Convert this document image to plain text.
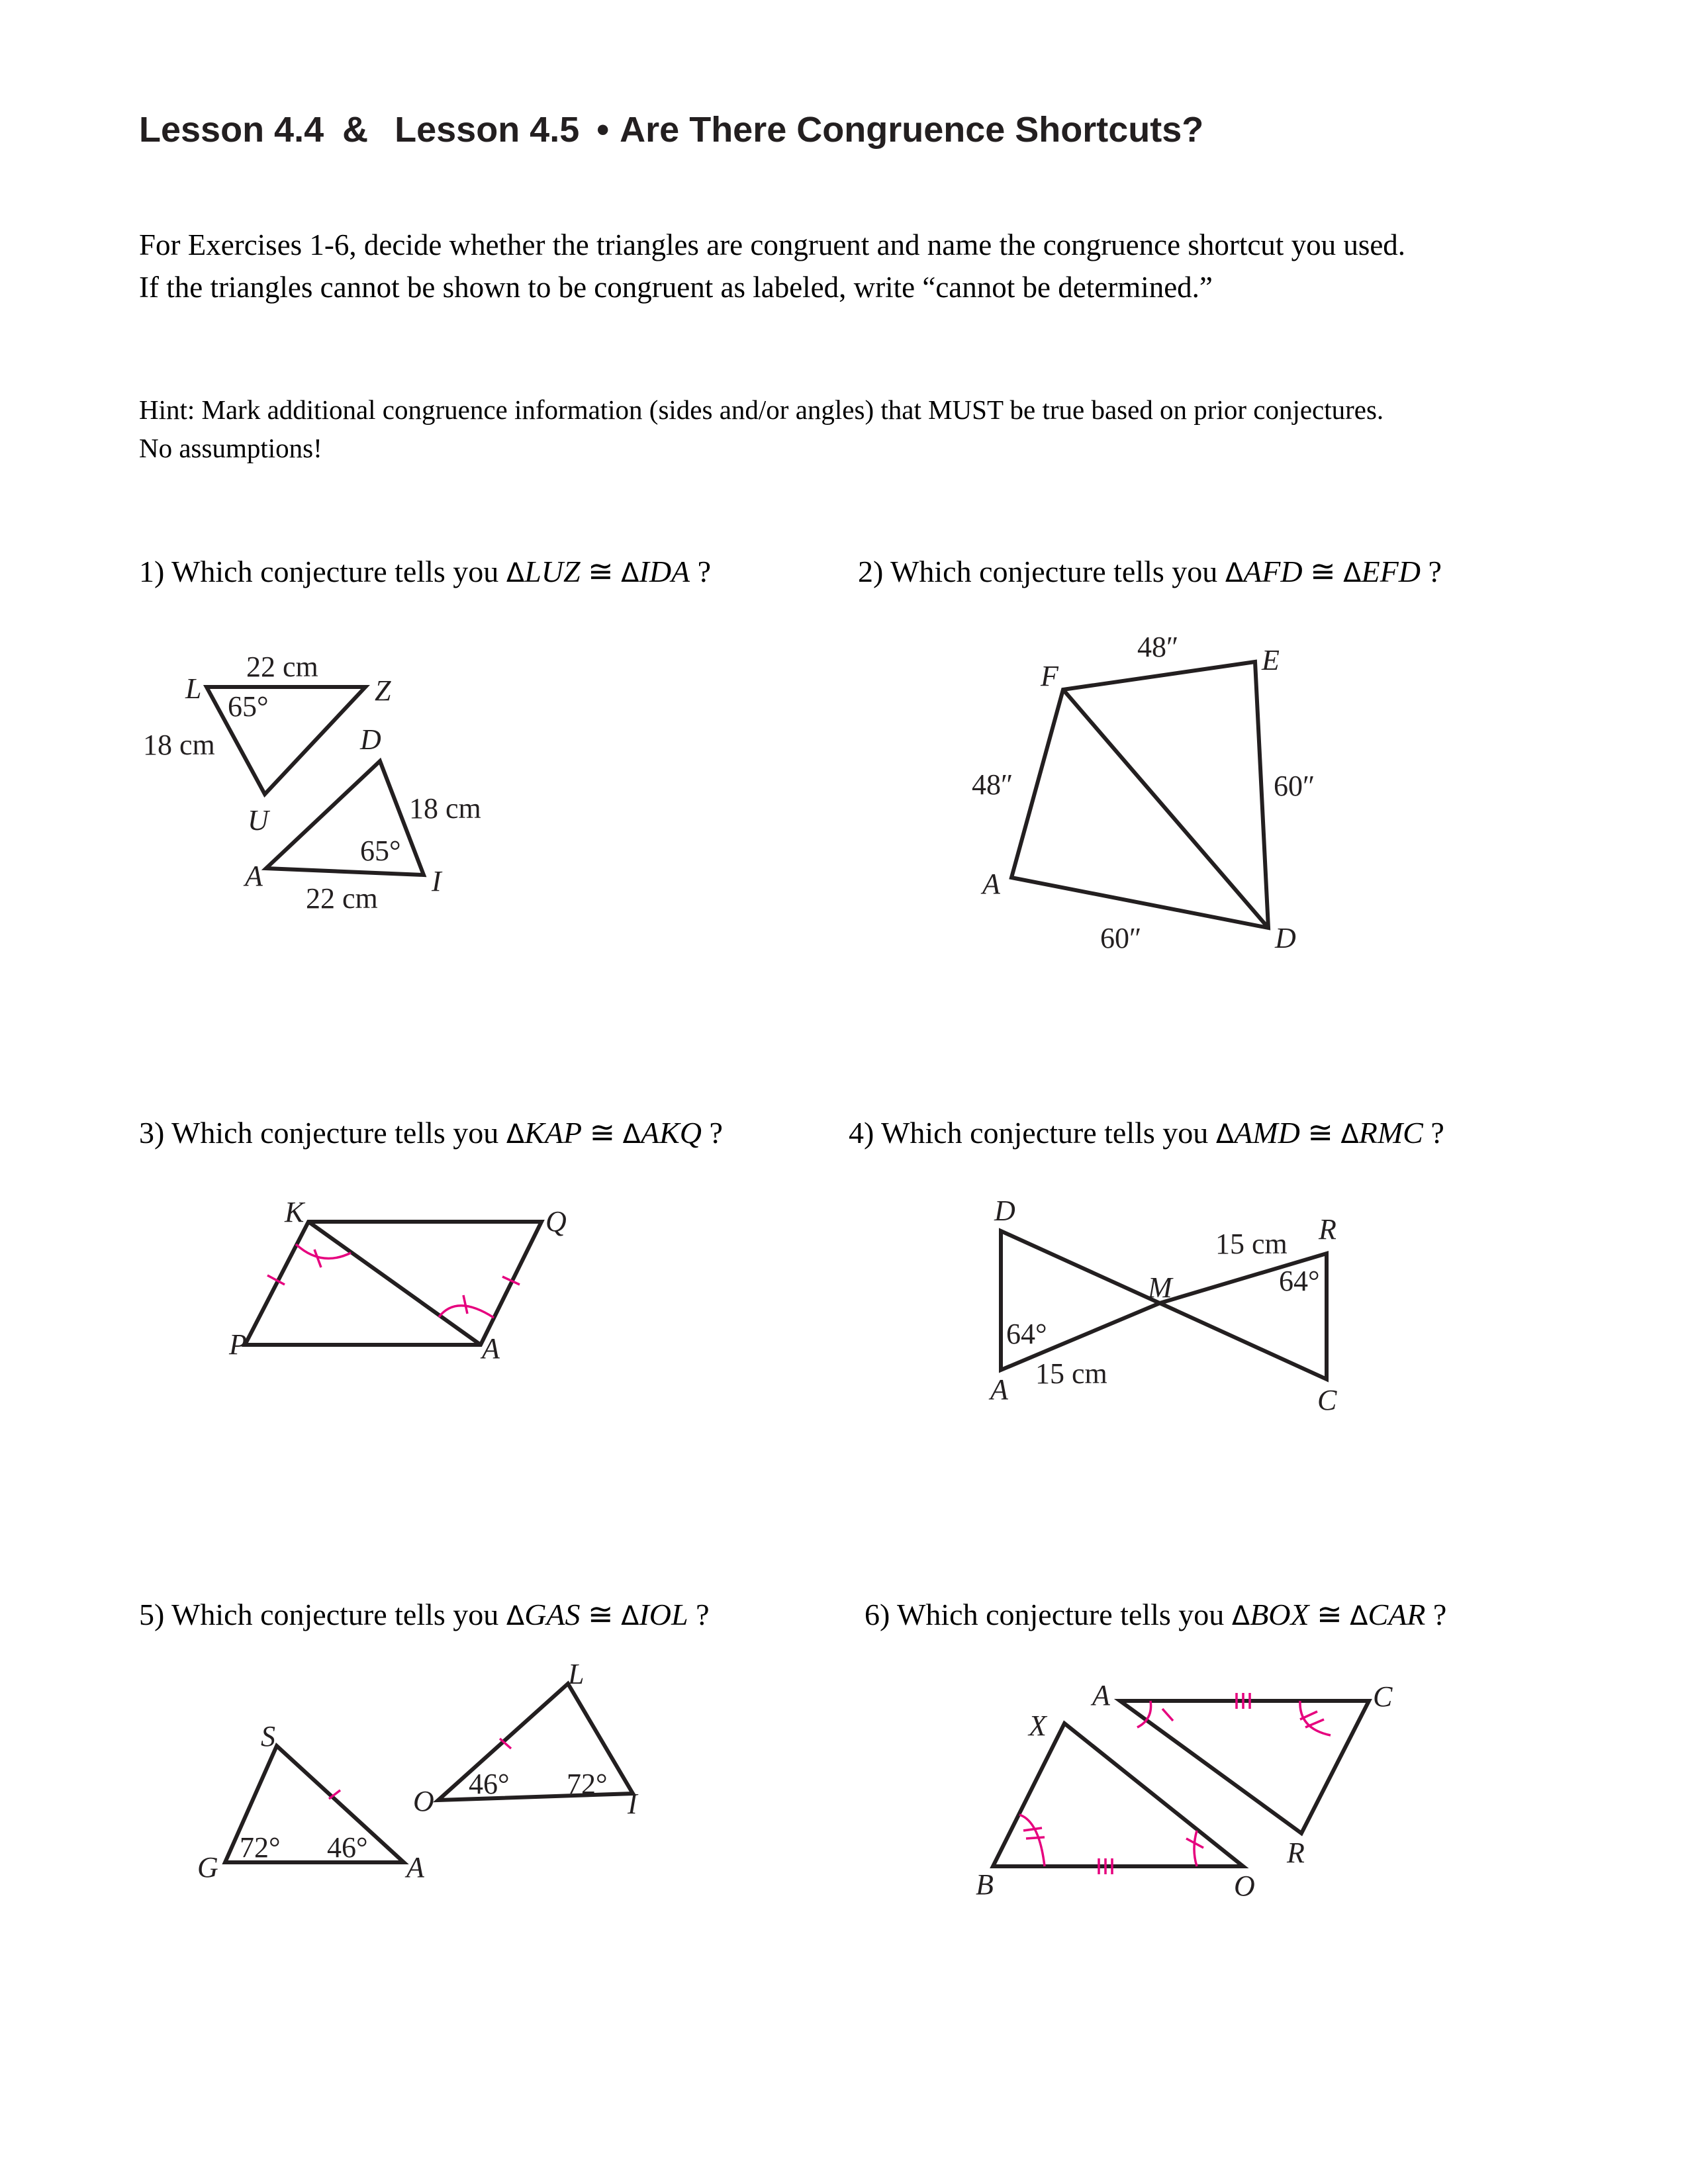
Lesson 4.4 & Lesson 4.5 • Are There Congruence Shortcuts?
For Exercises 1-6, decide whether the triangles are congruent and name the congruence shortcut you used.
If the triangles cannot be shown to be congruent as labeled, write “cannot be determined.”
Hint: Mark additional congruence information (sides and/or angles) that MUST be true based on prior conjectures.
No assumptions!
1) Which conjecture tells you ΔLUZ ≅ ΔIDA ?	2) Which conjecture tells you ΔAFD ≅ ΔEFD ?
3) Which conjecture tells you ΔKAP ≅ ΔAKQ ?	4) Which conjecture tells you ΔAMD ≅ ΔRMC ?
5) Which conjecture tells you ΔGAS ≅ ΔIOL ?	6) Which conjecture tells you ΔBOX ≅ ΔCAR ?
L	Z
U
D
A	I
22 cm
65°
18 cm
18 cm
65°
22 cm
F	E
A
D
48″
48″	60″
60″
K	Q
P	A
D
R
M
A	C
15 cm
64°
64°
15 cm
L
S
O	I
G	A
46° 72°
72° 46°
A	C
X
R
B	O
